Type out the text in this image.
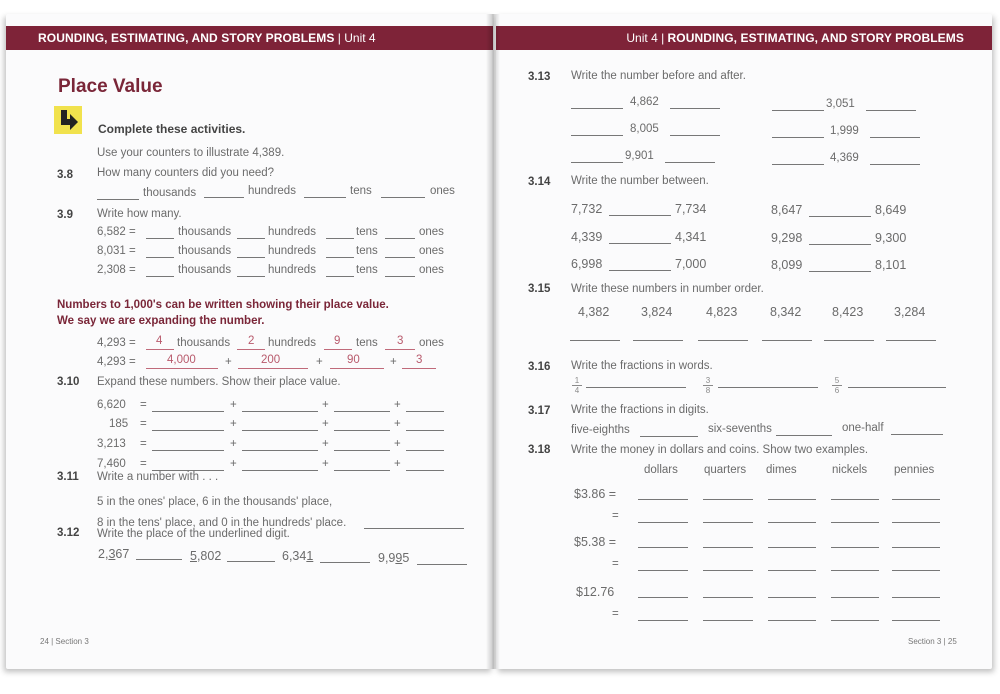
ROUNDING, ESTIMATING, AND STORY PROBLEMS | Unit 4
Place Value
Complete these activities.
Use your counters to illustrate 4,389.
3.8 How many counters did you need?
thousands	hundreds	tens	ones
3.9 Write how many.
6,582 =	thousands	hundreds	tens	ones
8,031 =	thousands	hundreds	tens	ones
2,308 =	thousands	hundreds	tens	ones
Numbers to 1,000's can be written showing their place value.
We say we are expanding the number.
4,293 = 4 thousands 2 hundreds 9 tens 3 ones
4,293 =	4,000	+	200	+ 90	+ 3
3.10 Expand these numbers. Show their place value.
6,620 =	+	+	+
185 =	+	+	+
3,213 =	+	+	+
7,460 =	+	+	+
3.11 Write a number with . . .
5 in the ones' place, 6 in the thousands' place,
8 in the tens' place, and 0 in the hundreds' place.
3.12 Write the place of the underlined digit.
2,367	5,802	6,341	9,995
24 | Section 3
Unit 4 | ROUNDING, ESTIMATING, AND STORY PROBLEMS
3.13 Write the number before and after.
4,862	3,051
8,005	1,999
9,901	4,369
3.14 Write the number between.
7,732	7,734	8,647	8,649
4,339	4,341	9,298	9,300
6,998	7,000	8,099	8,101
3.15 Write these numbers in number order.
4,382	3,824	4,823	8,342 8,423 3,284
3.16 Write the fractions in words.
1
4
3
8
5
6
3.17 Write the fractions in digits.
five-eighths	six-sevenths	one-half
3.18 Write the money in dollars and coins. Show two examples.
dollars quarters dimes	nickels pennies
$3.86 =
=
$5.38 =
=
$12.76
=
Section 3 | 25
